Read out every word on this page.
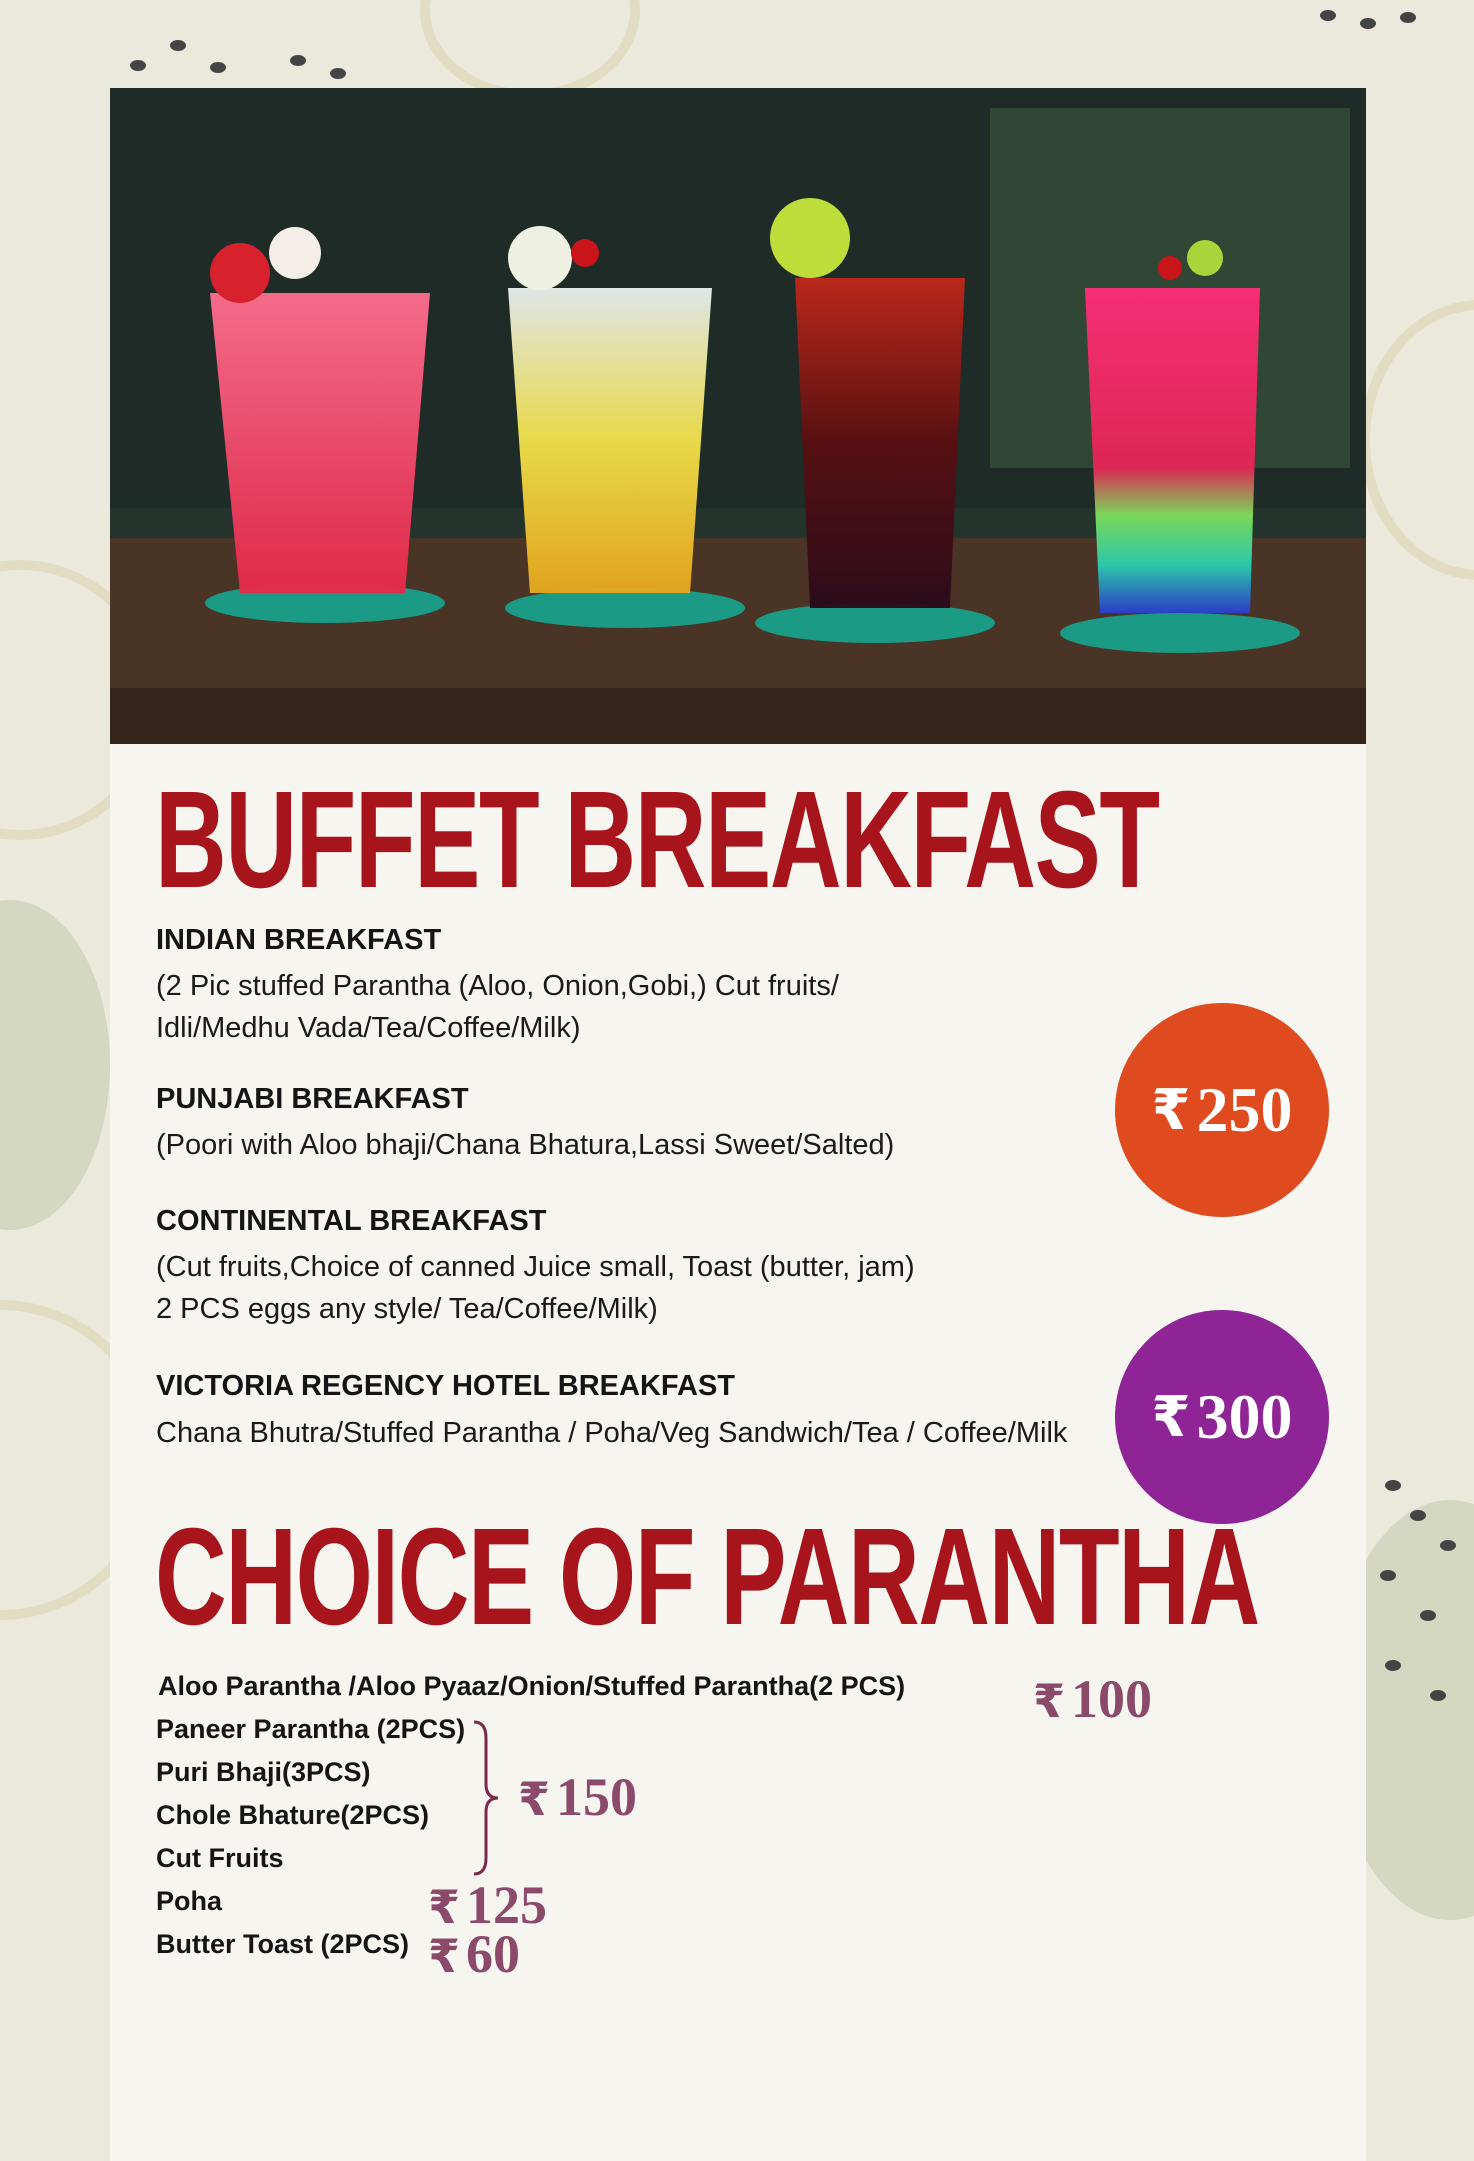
BUFFET BREAKFAST

INDIAN BREAKFAST

(2 Pic stuffed Parantha (Aloo, Onion,Gobi,) Cut fruits/

Idli/Medhu Vada/Tea/Coffee/Milk)

PUNJABI BREAKFAST

(Poori with Aloo bhaji/Chana Bhatura,Lassi Sweet/Salted)

CONTINENTAL BREAKFAST

(Cut fruits,Choice of canned Juice small, Toast (butter, jam)

2 PCS eggs any style/ Tea/Coffee/Milk)

VICTORIA REGENCY HOTEL BREAKFAST

Chana Bhutra/Stuffed Parantha / Poha/Veg Sandwich/Tea / Coffee/Milk

₹ 250
₹ 300
CHOICE OF PARANTHA

Aloo Parantha /Aloo Pyaaz/Onion/Stuffed Parantha(2 PCS)

Paneer Parantha (2PCS)

Puri Bhaji(3PCS)

Chole Bhature(2PCS)

Cut Fruits

Poha

Butter Toast (2PCS)

₹ 100

₹ 150

₹ 125

₹ 60
